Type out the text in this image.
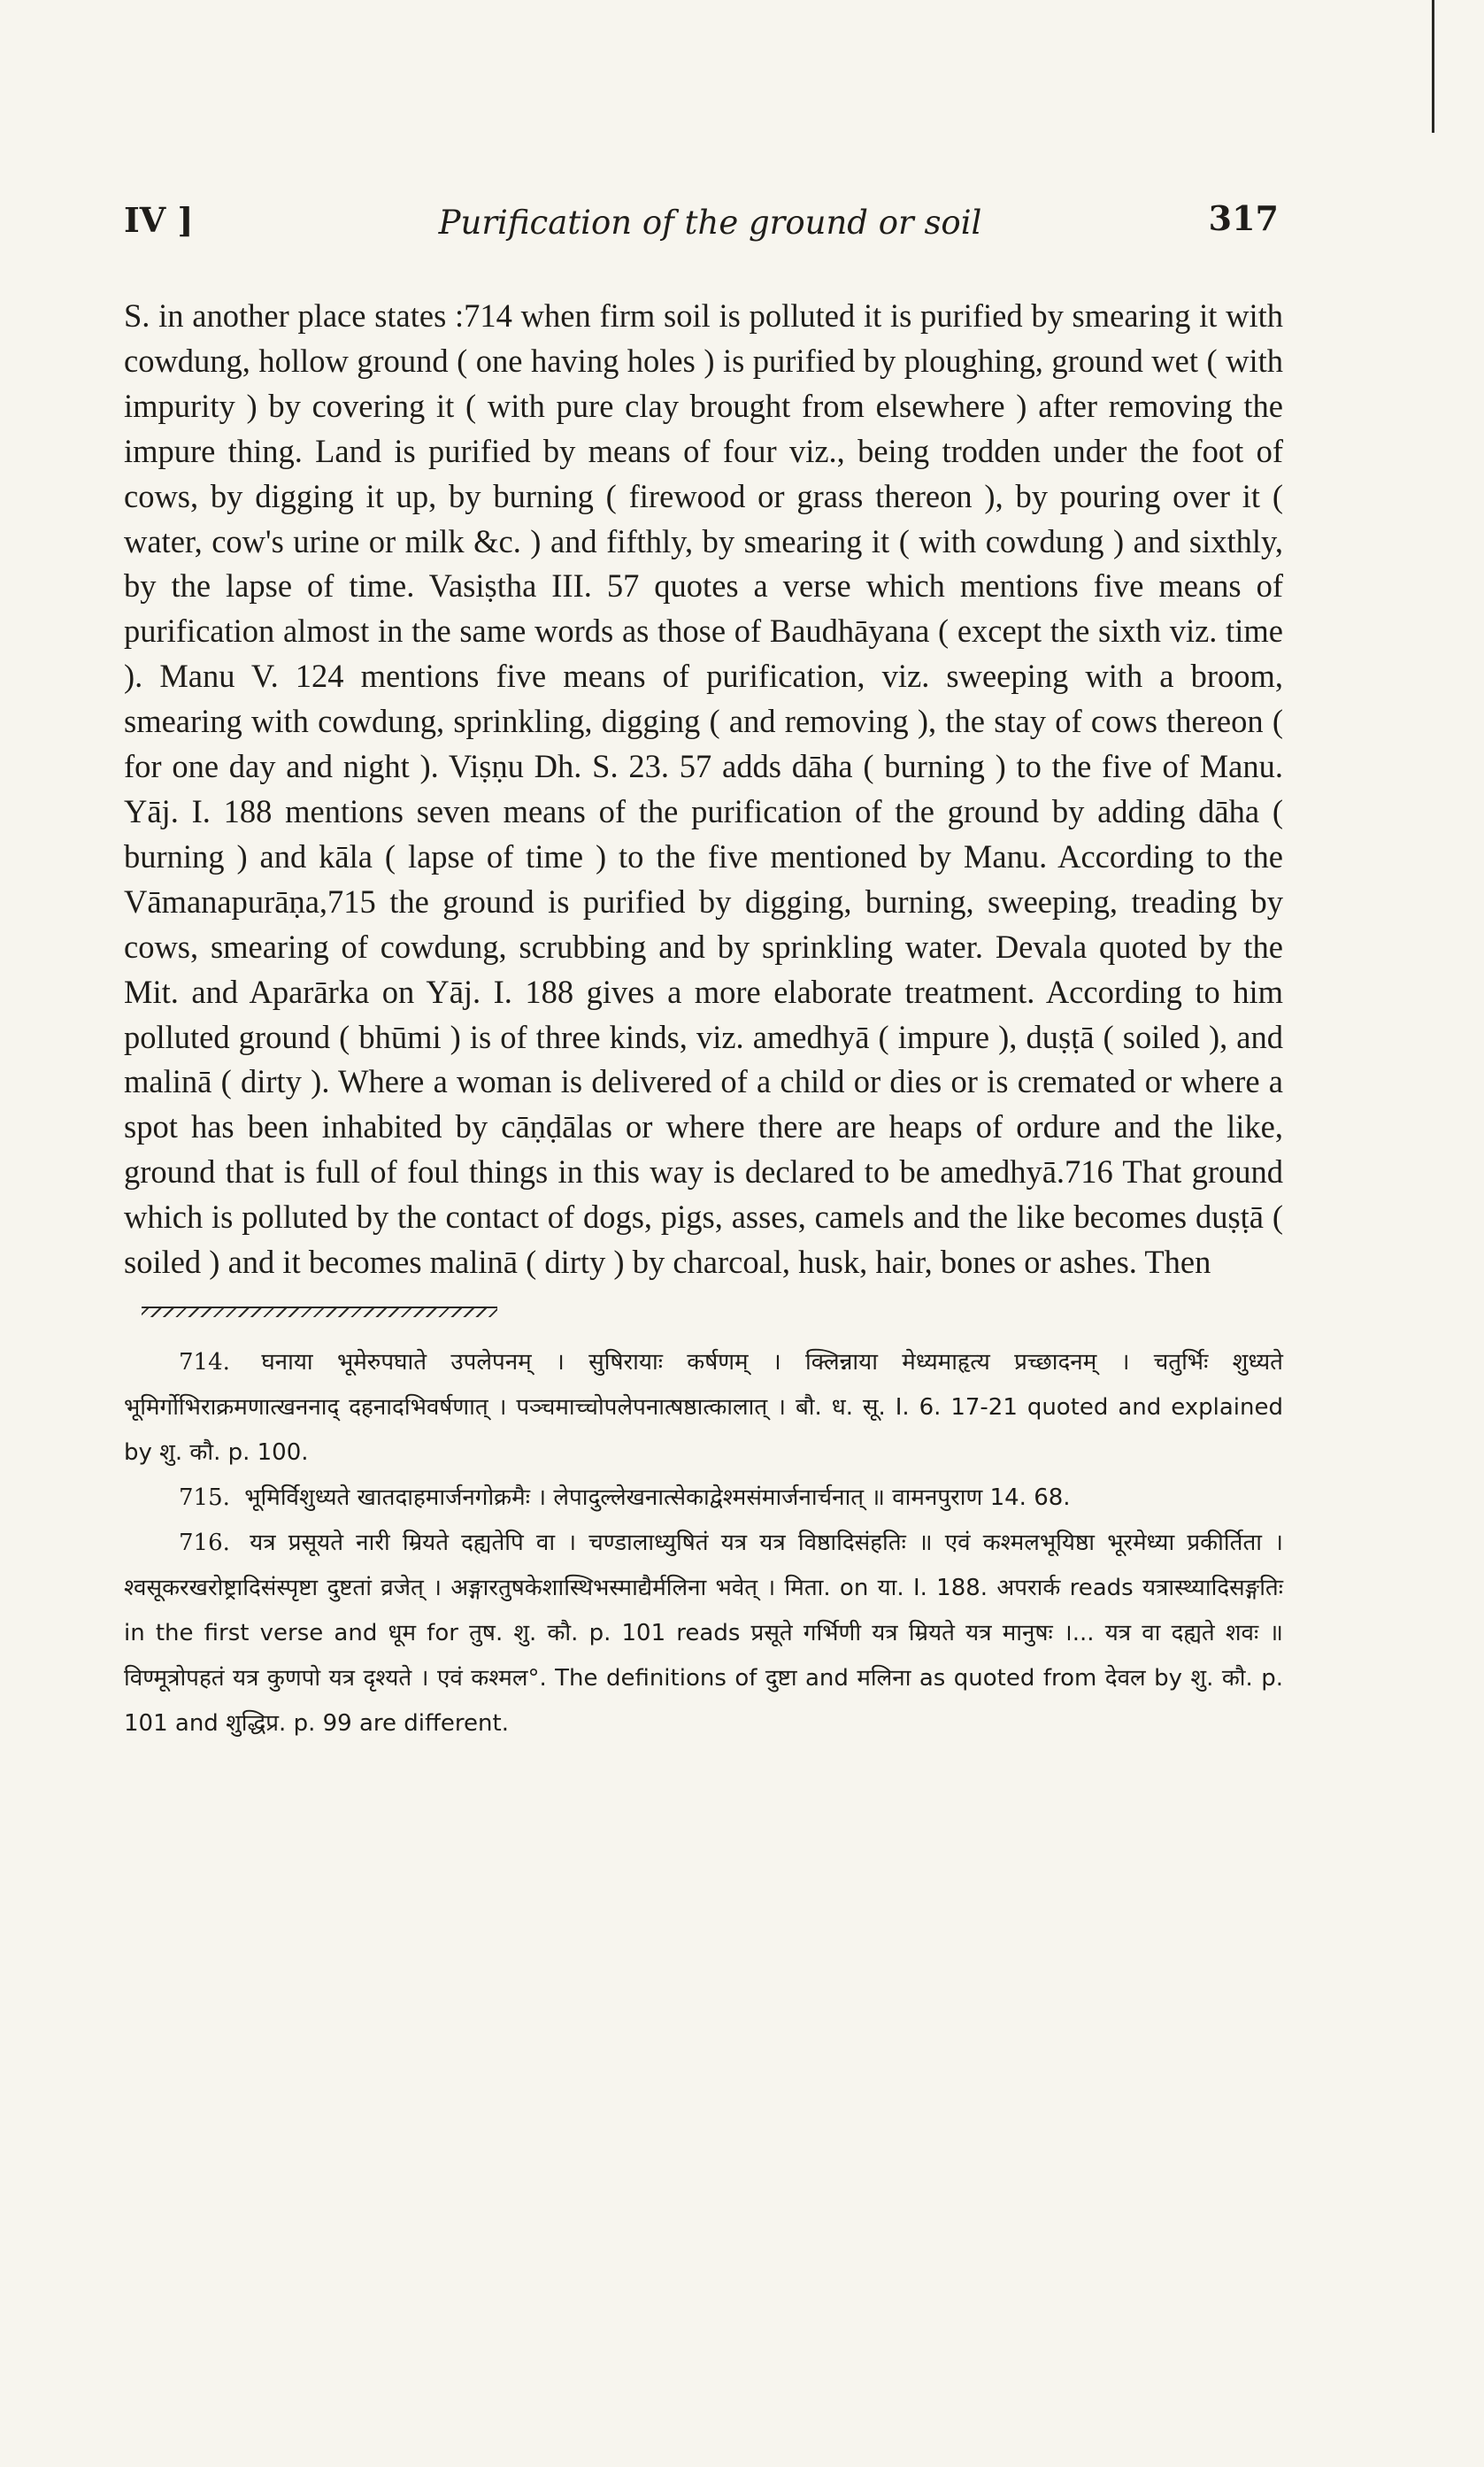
IV ]	Purification of the ground or soil	317

S. in another place states :714 when firm soil is polluted it is purified by smearing it with cowdung, hollow ground ( one having holes ) is purified by ploughing, ground wet ( with impurity ) by covering it ( with pure clay brought from elsewhere ) after removing the impure thing. Land is purified by means of four viz., being trodden under the foot of cows, by digging it up, by burning ( firewood or grass thereon ), by pouring over it ( water, cow's urine or milk &c. ) and fifthly, by smearing it ( with cowdung ) and sixthly, by the lapse of time. Vasiṣtha III. 57 quotes a verse which mentions five means of purification almost in the same words as those of Baudhāyana ( except the sixth viz. time ). Manu V. 124 mentions five means of purification, viz. sweeping with a broom, smearing with cowdung, sprinkling, digging ( and removing ), the stay of cows thereon ( for one day and night ). Viṣṇu Dh. S. 23. 57 adds dāha ( burning ) to the five of Manu. Yāj. I. 188 mentions seven means of the purification of the ground by adding dāha ( burning ) and kāla ( lapse of time ) to the five mentioned by Manu. According to the Vāmanapurāṇa,715 the ground is purified by digging, burning, sweeping, treading by cows, smearing of cowdung, scrubbing and by sprinkling water. Devala quoted by the Mit. and Aparārka on Yāj. I. 188 gives a more elaborate treatment. According to him polluted ground ( bhūmi ) is of three kinds, viz. amedhyā ( impure ), duṣṭā ( soiled ), and malinā ( dirty ). Where a woman is delivered of a child or dies or is cremated or where a spot has been inhabited by cāṇḍālas or where there are heaps of ordure and the like, ground that is full of foul things in this way is declared to be amedhyā.716 That ground which is polluted by the contact of dogs, pigs, asses, camels and the like becomes duṣṭā ( soiled ) and it becomes malinā ( dirty ) by charcoal, husk, hair, bones or ashes. Then

714. घनाया भूमेरुपघाते उपलेपनम् । सुषिरायाः कर्षणम् । क्लिन्नाया मेध्यमाहृत्य प्रच्छादनम् । चतुर्भिः शुध्यते भूमिर्गोभिराक्रमणात्खननाद् दहनादभिवर्षणात् । पञ्चमाच्चोपलेपनात्षष्ठात्कालात् । बौ. ध. सू. I. 6. 17-21 quoted and explained by शु. कौ. p. 100.

715. भूमिर्विशुध्यते खातदाहमार्जनगोक्रमैः । लेपादुल्लेखनात्सेकाद्वेश्मसंमार्जनार्चनात् ॥ वामनपुराण 14. 68.

716. यत्र प्रसूयते नारी म्रियते दह्यतेपि वा । चण्डालाध्युषितं यत्र यत्र विष्ठादिसंहतिः ॥ एवं कश्मलभूयिष्ठा भूरमेध्या प्रकीर्तिता । श्वसूकरखरोष्ट्रादिसंस्पृष्टा दुष्टतां व्रजेत् । अङ्गारतुषकेशास्थिभस्माद्यैर्मलिना भवेत् । मिता. on या. I. 188. अपरार्क reads यत्रास्थ्यादिसङ्गतिः in the first verse and धूम for तुष. शु. कौ. p. 101 reads प्रसूते गर्भिणी यत्र म्रियते यत्र मानुषः ।... यत्र वा दह्यते शवः ॥ विण्मूत्रोपहतं यत्र कुणपो यत्र दृश्यते । एवं कश्मल°. The definitions of दुष्टा and मलिना as quoted from देवल by शु. कौ. p. 101 and शुद्धिप्र. p. 99 are different.
